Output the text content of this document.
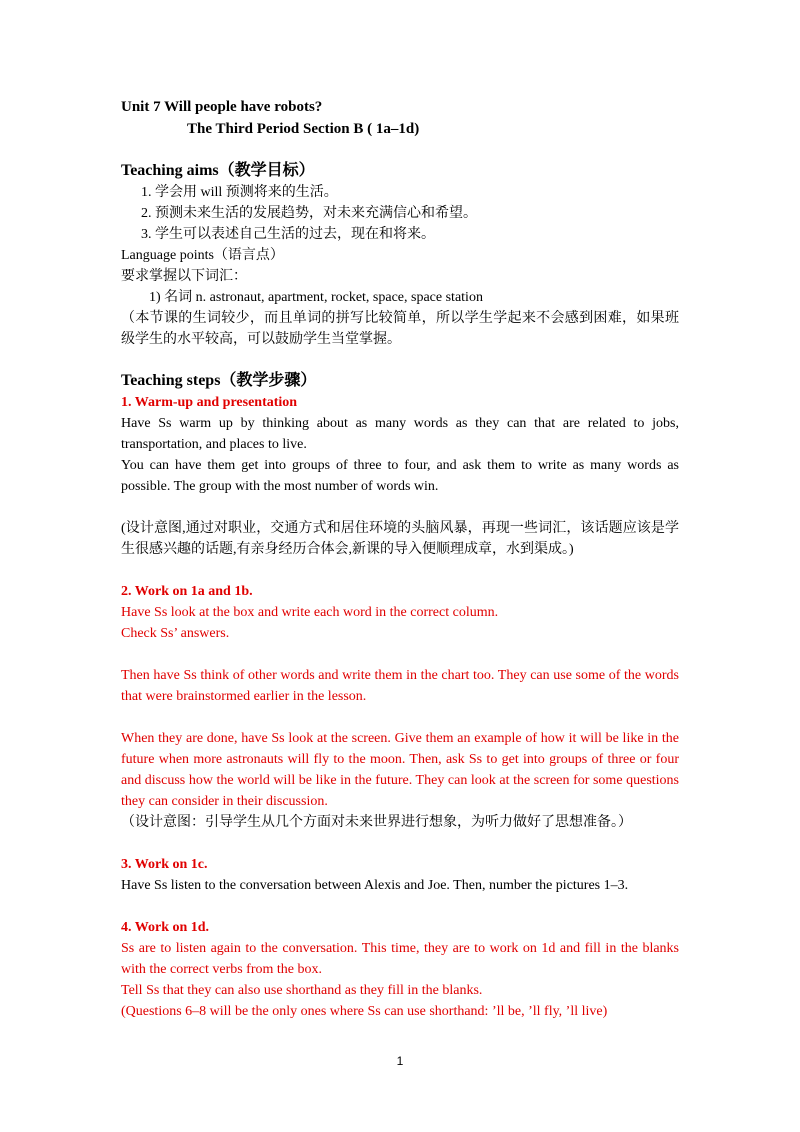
Unit 7 Will people have robots?
The Third Period Section B ( 1a–1d)
Teaching aims（教学目标）
1. 学会用 will 预测将来的生活。
2. 预测未来生活的发展趋势，对未来充满信心和希望。
3. 学生可以表述自己生活的过去，现在和将来。
Language points（语言点）
要求掌握以下词汇：
1) 名词 n. astronaut, apartment, rocket, space, space station
（本节课的生词较少，而且单词的拼写比较简单，所以学生学起来不会感到困难，如果班级学生的水平较高，可以鼓励学生当堂掌握。
Teaching steps（教学步骤）
1. Warm-up and presentation
Have Ss warm up by thinking about as many words as they can that are related to jobs, transportation, and places to live.
You can have them get into groups of three to four, and ask them to write as many words as possible. The group with the most number of words win.
(设计意图,通过对职业，交通方式和居住环境的头脑风暴，再现一些词汇，该话题应该是学生很感兴趣的话题,有亲身经历合体会,新课的导入便顺理成章，水到渠成。)
2. Work on 1a and 1b.
Have Ss look at the box and write each word in the correct column.
Check Ss’ answers.
Then have Ss think of other words and write them in the chart too. They can use some of the words that were brainstormed earlier in the lesson.
When they are done, have Ss look at the screen. Give them an example of how it will be like in the future when more astronauts will fly to the moon. Then, ask Ss to get into groups of three or four and discuss how the world will be like in the future. They can look at the screen for some questions they can consider in their discussion.
（设计意图：引导学生从几个方面对未来世界进行想象，为听力做好了思想准备。）
3. Work on 1c.
Have Ss listen to the conversation between Alexis and Joe. Then, number the pictures 1–3.
4. Work on 1d.
Ss are to listen again to the conversation. This time, they are to work on 1d and fill in the blanks with the correct verbs from the box.
Tell Ss that they can also use shorthand as they fill in the blanks.
(Questions 6–8 will be the only ones where Ss can use shorthand: ’ll be, ’ll fly, ’ll live)
1
